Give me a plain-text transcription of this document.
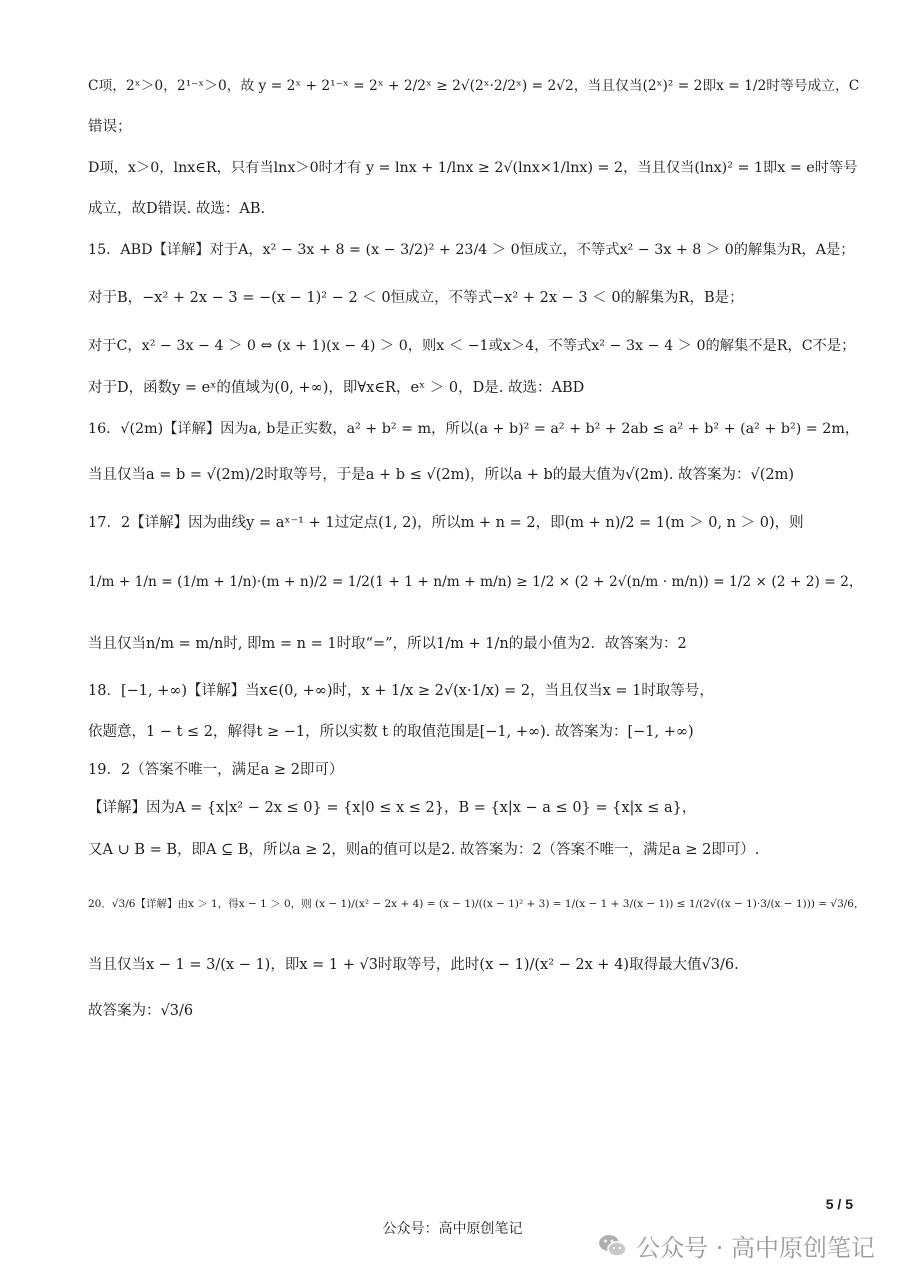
C项，2ˣ＞0，2¹⁻ˣ＞0，故 y = 2ˣ + 2¹⁻ˣ = 2ˣ + 2/2ˣ ≥ 2√(2ˣ·2/2ˣ) = 2√2，当且仅当(2ˣ)² = 2即x = 1/2时等号成立，C
错误；
D项，x＞0，lnx∈R，只有当lnx＞0时才有 y = lnx + 1/lnx ≥ 2√(lnx×1/lnx) = 2，当且仅当(lnx)² = 1即x = e时等号
成立，故D错误. 故选：AB.
15．ABD【详解】对于A，x² − 3x + 8 = (x − 3/2)² + 23/4 ＞ 0恒成立，不等式x² − 3x + 8 ＞ 0的解集为R，A是；
对于B，−x² + 2x − 3 = −(x − 1)² − 2 ＜ 0恒成立，不等式−x² + 2x − 3 ＜ 0的解集为R，B是；
对于C，x² − 3x − 4 ＞ 0 ⇔ (x + 1)(x − 4) ＞ 0，则x ＜ −1或x＞4，不等式x² − 3x − 4 ＞ 0的解集不是R，C不是；
对于D，函数y = eˣ的值域为(0, +∞)，即∀x∈R，eˣ ＞ 0，D是. 故选：ABD
16．√(2m)【详解】因为a, b是正实数，a² + b² = m，所以(a + b)² = a² + b² + 2ab ≤ a² + b² + (a² + b²) = 2m，
当且仅当a = b = √(2m)/2时取等号，于是a + b ≤ √(2m)，所以a + b的最大值为√(2m). 故答案为：√(2m)
17．2【详解】因为曲线y = aˣ⁻¹ + 1过定点(1, 2)，所以m + n = 2，即(m + n)/2 = 1(m ＞ 0, n ＞ 0)，则
1/m + 1/n = (1/m + 1/n)·(m + n)/2 = 1/2(1 + 1 + n/m + m/n) ≥ 1/2 × (2 + 2√(n/m · m/n)) = 1/2 × (2 + 2) = 2，
当且仅当n/m = m/n时, 即m = n = 1时取“=”，所以1/m + 1/n的最小值为2．故答案为：2
18．[−1, +∞)【详解】当x∈(0, +∞)时，x + 1/x ≥ 2√(x·1/x) = 2，当且仅当x = 1时取等号，
依题意，1 − t ≤ 2，解得t ≥ −1，所以实数 t 的取值范围是[−1, +∞). 故答案为：[−1, +∞)
19．2（答案不唯一，满足a ≥ 2即可）
【详解】因为A = {x|x² − 2x ≤ 0} = {x|0 ≤ x ≤ 2}，B = {x|x − a ≤ 0} = {x|x ≤ a}，
又A ∪ B = B，即A ⊆ B，所以a ≥ 2，则a的值可以是2. 故答案为：2（答案不唯一，满足a ≥ 2即可）.
20．√3/6【详解】由x ＞ 1，得x − 1 ＞ 0，则 (x − 1)/(x² − 2x + 4) = (x − 1)/((x − 1)² + 3) = 1/(x − 1 + 3/(x − 1)) ≤ 1/(2√((x − 1)·3/(x − 1))) = √3/6，
当且仅当x − 1 = 3/(x − 1)，即x = 1 + √3时取等号，此时(x − 1)/(x² − 2x + 4)取得最大值√3/6.
故答案为：√3/6
5 / 5
公众号：高中原创笔记
公众号 · 高中原创笔记
